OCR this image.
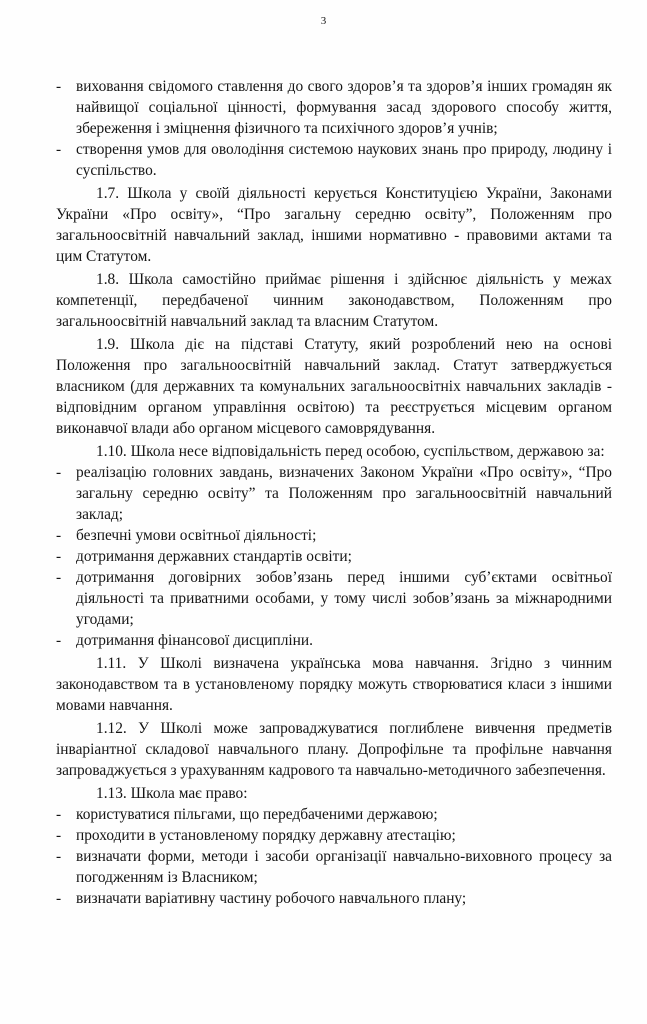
3
- виховання свідомого ставлення до свого здоров’я та здоров’я інших громадян як найвищої соціальної цінності, формування засад здорового способу життя, збереження і зміцнення фізичного та психічного здоров’я учнів;
- створення умов для оволодіння системою наукових знань про природу, людину і суспільство.
1.7. Школа у своїй діяльності керується Конституцією України, Законами України «Про освіту», “Про загальну середню освіту”, Положенням про загальноосвітній навчальний заклад, іншими нормативно - правовими актами та цим Статутом.
1.8. Школа самостійно приймає рішення і здійснює діяльність у межах компетенції, передбаченої чинним законодавством, Положенням про загальноосвітній навчальний заклад та власним Статутом.
1.9. Школа діє на підставі Статуту, який розроблений нею на основі Положення про загальноосвітній навчальний заклад. Статут затверджується власником (для державних та комунальних загальноосвітніх навчальних закладів - відповідним органом управління освітою) та реєструється місцевим органом виконавчої влади або органом місцевого самоврядування.
1.10. Школа несе відповідальність перед особою, суспільством, державою за:
- реалізацію головних завдань, визначених Законом України «Про освіту», “Про загальну середню освіту” та Положенням про загальноосвітній навчальний заклад;
- безпечні умови освітньої діяльності;
- дотримання державних стандартів освіти;
- дотримання договірних зобов’язань перед іншими суб’єктами освітньої діяльності та приватними особами, у тому числі зобов’язань за міжнародними угодами;
- дотримання фінансової дисципліни.
1.11. У Школі визначена українська мова навчання. Згідно з чинним законодавством та в установленому порядку можуть створюватися класи з іншими мовами навчання.
1.12. У Школі може запроваджуватися поглиблене вивчення предметів інваріантної складової навчального плану. Допрофільне та профільне навчання запроваджується з урахуванням кадрового та навчально-методичного забезпечення.
1.13. Школа має право:
- користуватися пільгами, що передбаченими державою;
- проходити в установленому порядку державну атестацію;
- визначати форми, методи і засоби організації навчально-виховного процесу за погодженням із Власником;
- визначати варіативну частину робочого навчального плану;
